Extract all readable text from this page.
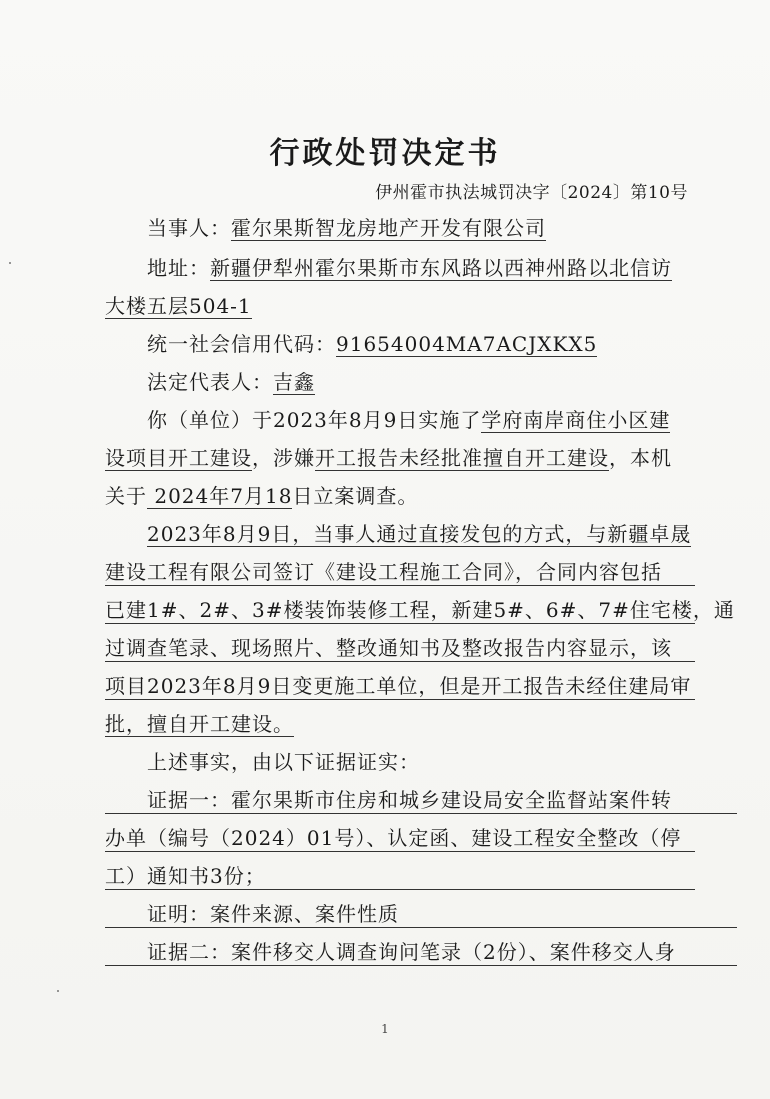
行政处罚决定书
伊州霍市执法城罚决字〔2024〕第10号
当事人：霍尔果斯智龙房地产开发有限公司
地址：新疆伊犁州霍尔果斯市东风路以西神州路以北信访
大楼五层504-1
统一社会信用代码：91654004MA7ACJXKX5
法定代表人：吉鑫
你（单位）于2023年8月9日实施了学府南岸商住小区建
设项目开工建设，涉嫌开工报告未经批准擅自开工建设，本机
关于 2024年7月18日立案调查。
2023年8月9日，当事人通过直接发包的方式，与新疆卓晟
建设工程有限公司签订《建设工程施工合同》，合同内容包括
已建1#、2#、3#楼装饰装修工程，新建5#、6#、7#住宅楼，通
过调查笔录、现场照片、整改通知书及整改报告内容显示，该
项目2023年8月9日变更施工单位，但是开工报告未经住建局审
批，擅自开工建设。
上述事实，由以下证据证实：
证据一：霍尔果斯市住房和城乡建设局安全监督站案件转
办单（编号（2024）01号）、认定函、建设工程安全整改（停
工）通知书3份；
证明：案件来源、案件性质
证据二：案件移交人调查询问笔录（2份）、案件移交人身
1
